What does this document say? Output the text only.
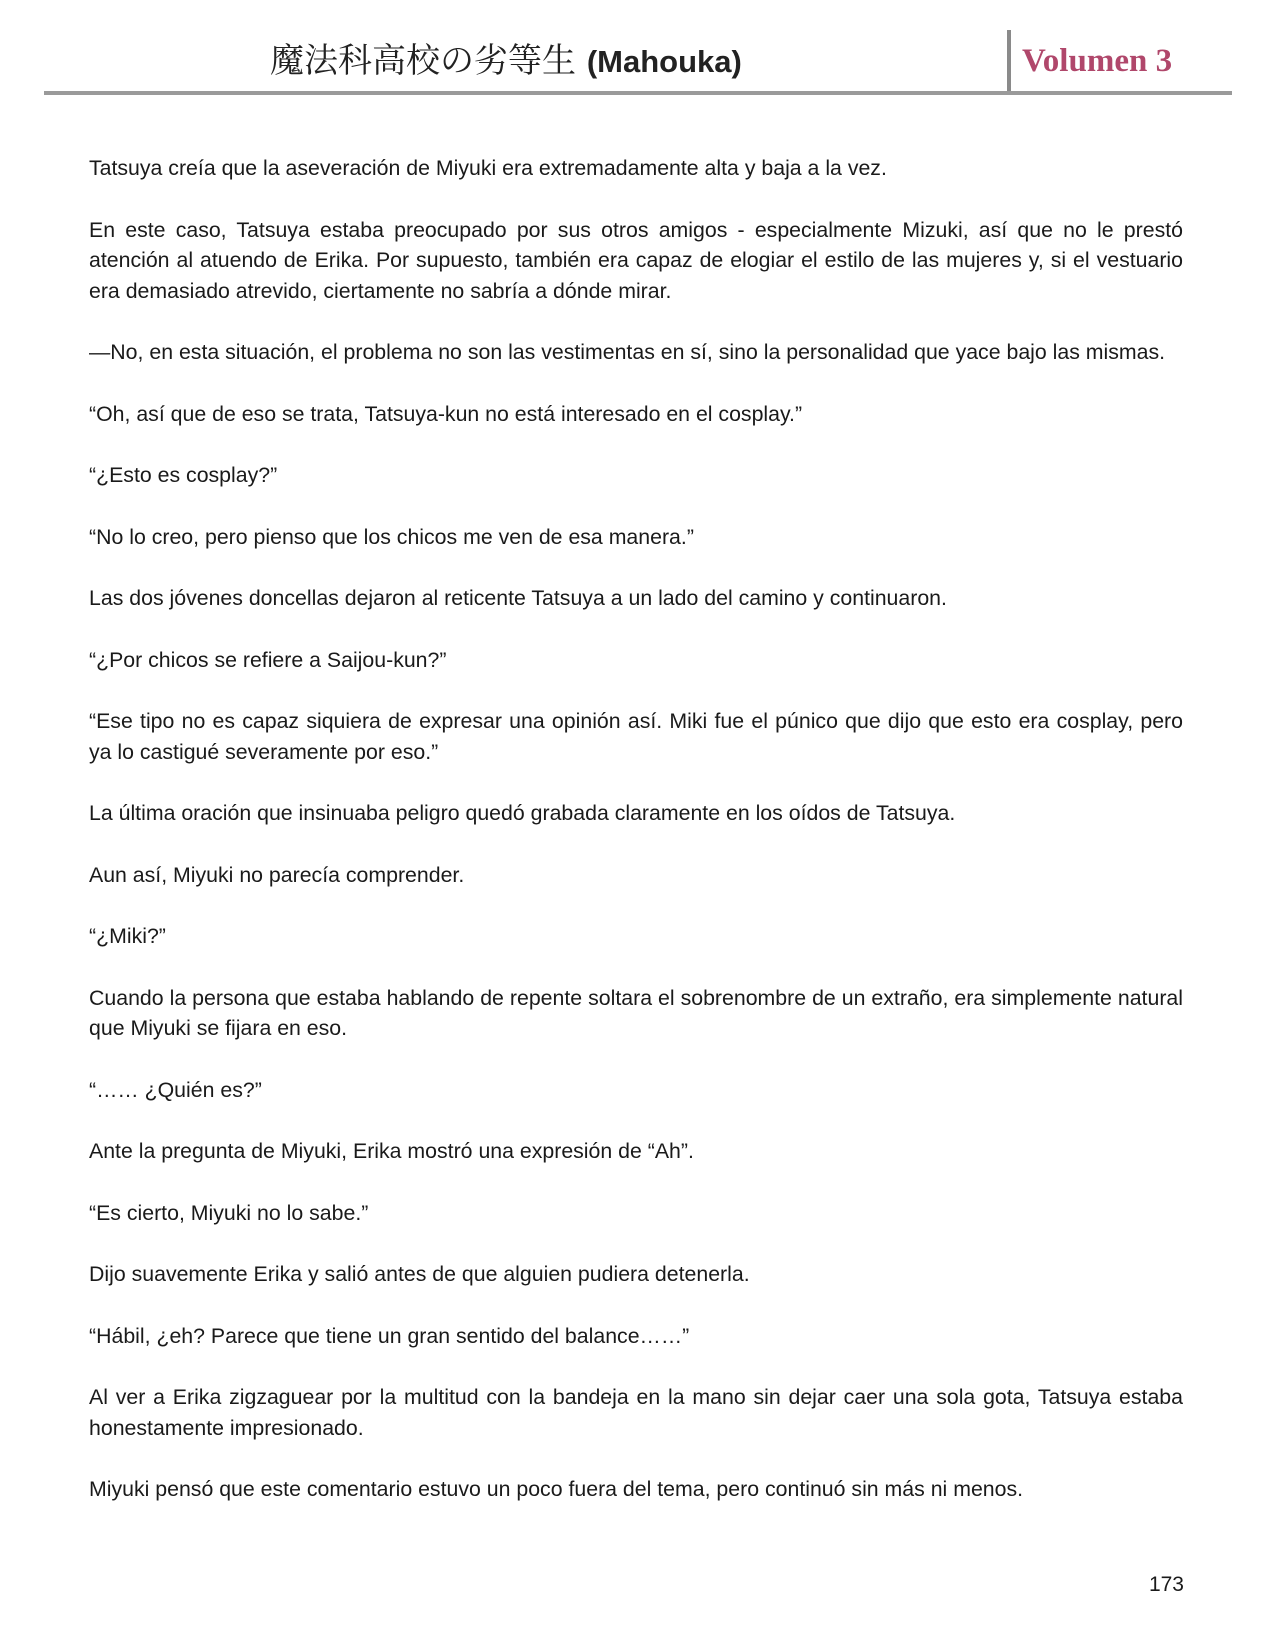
魔法科高校の劣等生 (Mahouka)	Volumen 3

Tatsuya creía que la aseveración de Miyuki era extremadamente alta y baja a la vez.

En este caso, Tatsuya estaba preocupado por sus otros amigos - especialmente Mizuki, así que no le prestó atención al atuendo de Erika. Por supuesto, también era capaz de elogiar el estilo de las mujeres y, si el vestuario era demasiado atrevido, ciertamente no sabría a dónde mirar.

—No, en esta situación, el problema no son las vestimentas en sí, sino la personalidad que yace bajo las mismas.

“Oh, así que de eso se trata, Tatsuya-kun no está interesado en el cosplay.”

“¿Esto es cosplay?”

“No lo creo, pero pienso que los chicos me ven de esa manera.”

Las dos jóvenes doncellas dejaron al reticente Tatsuya a un lado del camino y continuaron.

“¿Por chicos se refiere a Saijou-kun?”

“Ese tipo no es capaz siquiera de expresar una opinión así. Miki fue el púnico que dijo que esto era cosplay, pero ya lo castigué severamente por eso.”

La última oración que insinuaba peligro quedó grabada claramente en los oídos de Tatsuya.

Aun así, Miyuki no parecía comprender.

“¿Miki?”

Cuando la persona que estaba hablando de repente soltara el sobrenombre de un extraño, era simplemente natural que Miyuki se fijara en eso.

“…… ¿Quién es?”

Ante la pregunta de Miyuki, Erika mostró una expresión de “Ah”.

“Es cierto, Miyuki no lo sabe.”

Dijo suavemente Erika y salió antes de que alguien pudiera detenerla.

“Hábil, ¿eh? Parece que tiene un gran sentido del balance……”

Al ver a Erika zigzaguear por la multitud con la bandeja en la mano sin dejar caer una sola gota, Tatsuya estaba honestamente impresionado.

Miyuki pensó que este comentario estuvo un poco fuera del tema, pero continuó sin más ni menos.

173
